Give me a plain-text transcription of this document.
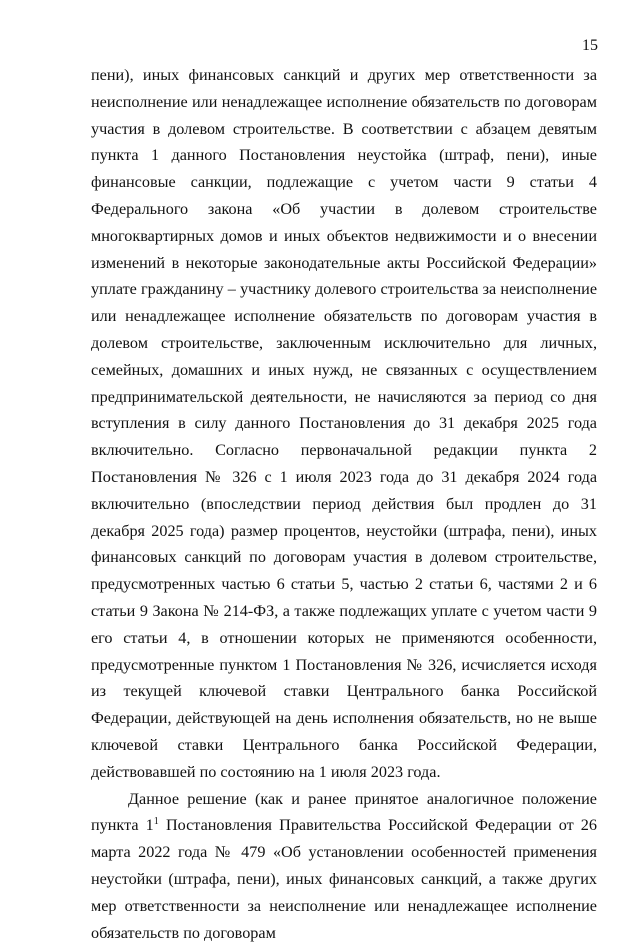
15

пени), иных финансовых санкций и других мер ответственности за неисполнение или ненадлежащее исполнение обязательств по договорам участия в долевом строительстве. В соответствии с абзацем девятым пункта 1 данного Постановления неустойка (штраф, пени), иные финансовые санкции, подлежащие с учетом части 9 статьи 4 Федерального закона «Об участии в долевом строительстве многоквартирных домов и иных объектов недвижимости и о внесении изменений в некоторые законодательные акты Российской Федерации» уплате гражданину – участнику долевого строительства за неисполнение или ненадлежащее исполнение обязательств по договорам участия в долевом строительстве, заключенным исключительно для личных, семейных, домашних и иных нужд, не связанных с осуществлением предпринимательской деятельности, не начисляются за период со дня вступления в силу данного Постановления до 31 декабря 2025 года включительно. Согласно первоначальной редакции пункта 2 Постановления № 326 с 1 июля 2023 года до 31 декабря 2024 года включительно (впоследствии период действия был продлен до 31 декабря 2025 года) размер процентов, неустойки (штрафа, пени), иных финансовых санкций по договорам участия в долевом строительстве, предусмотренных частью 6 статьи 5, частью 2 статьи 6, частями 2 и 6 статьи 9 Закона № 214-ФЗ, а также подлежащих уплате с учетом части 9 его статьи 4, в отношении которых не применяются особенности, предусмотренные пунктом 1 Постановления № 326, исчисляется исходя из текущей ключевой ставки Центрального банка Российской Федерации, действующей на день исполнения обязательств, но не выше ключевой ставки Центрального банка Российской Федерации, действовавшей по состоянию на 1 июля 2023 года.

Данное решение (как и ранее принятое аналогичное положение пункта $1^1$ Постановления Правительства Российской Федерации от 26 марта 2022 года № 479 «Об установлении особенностей применения неустойки (штрафа, пени), иных финансовых санкций, а также других мер ответственности за неисполнение или ненадлежащее исполнение обязательств по договорам
